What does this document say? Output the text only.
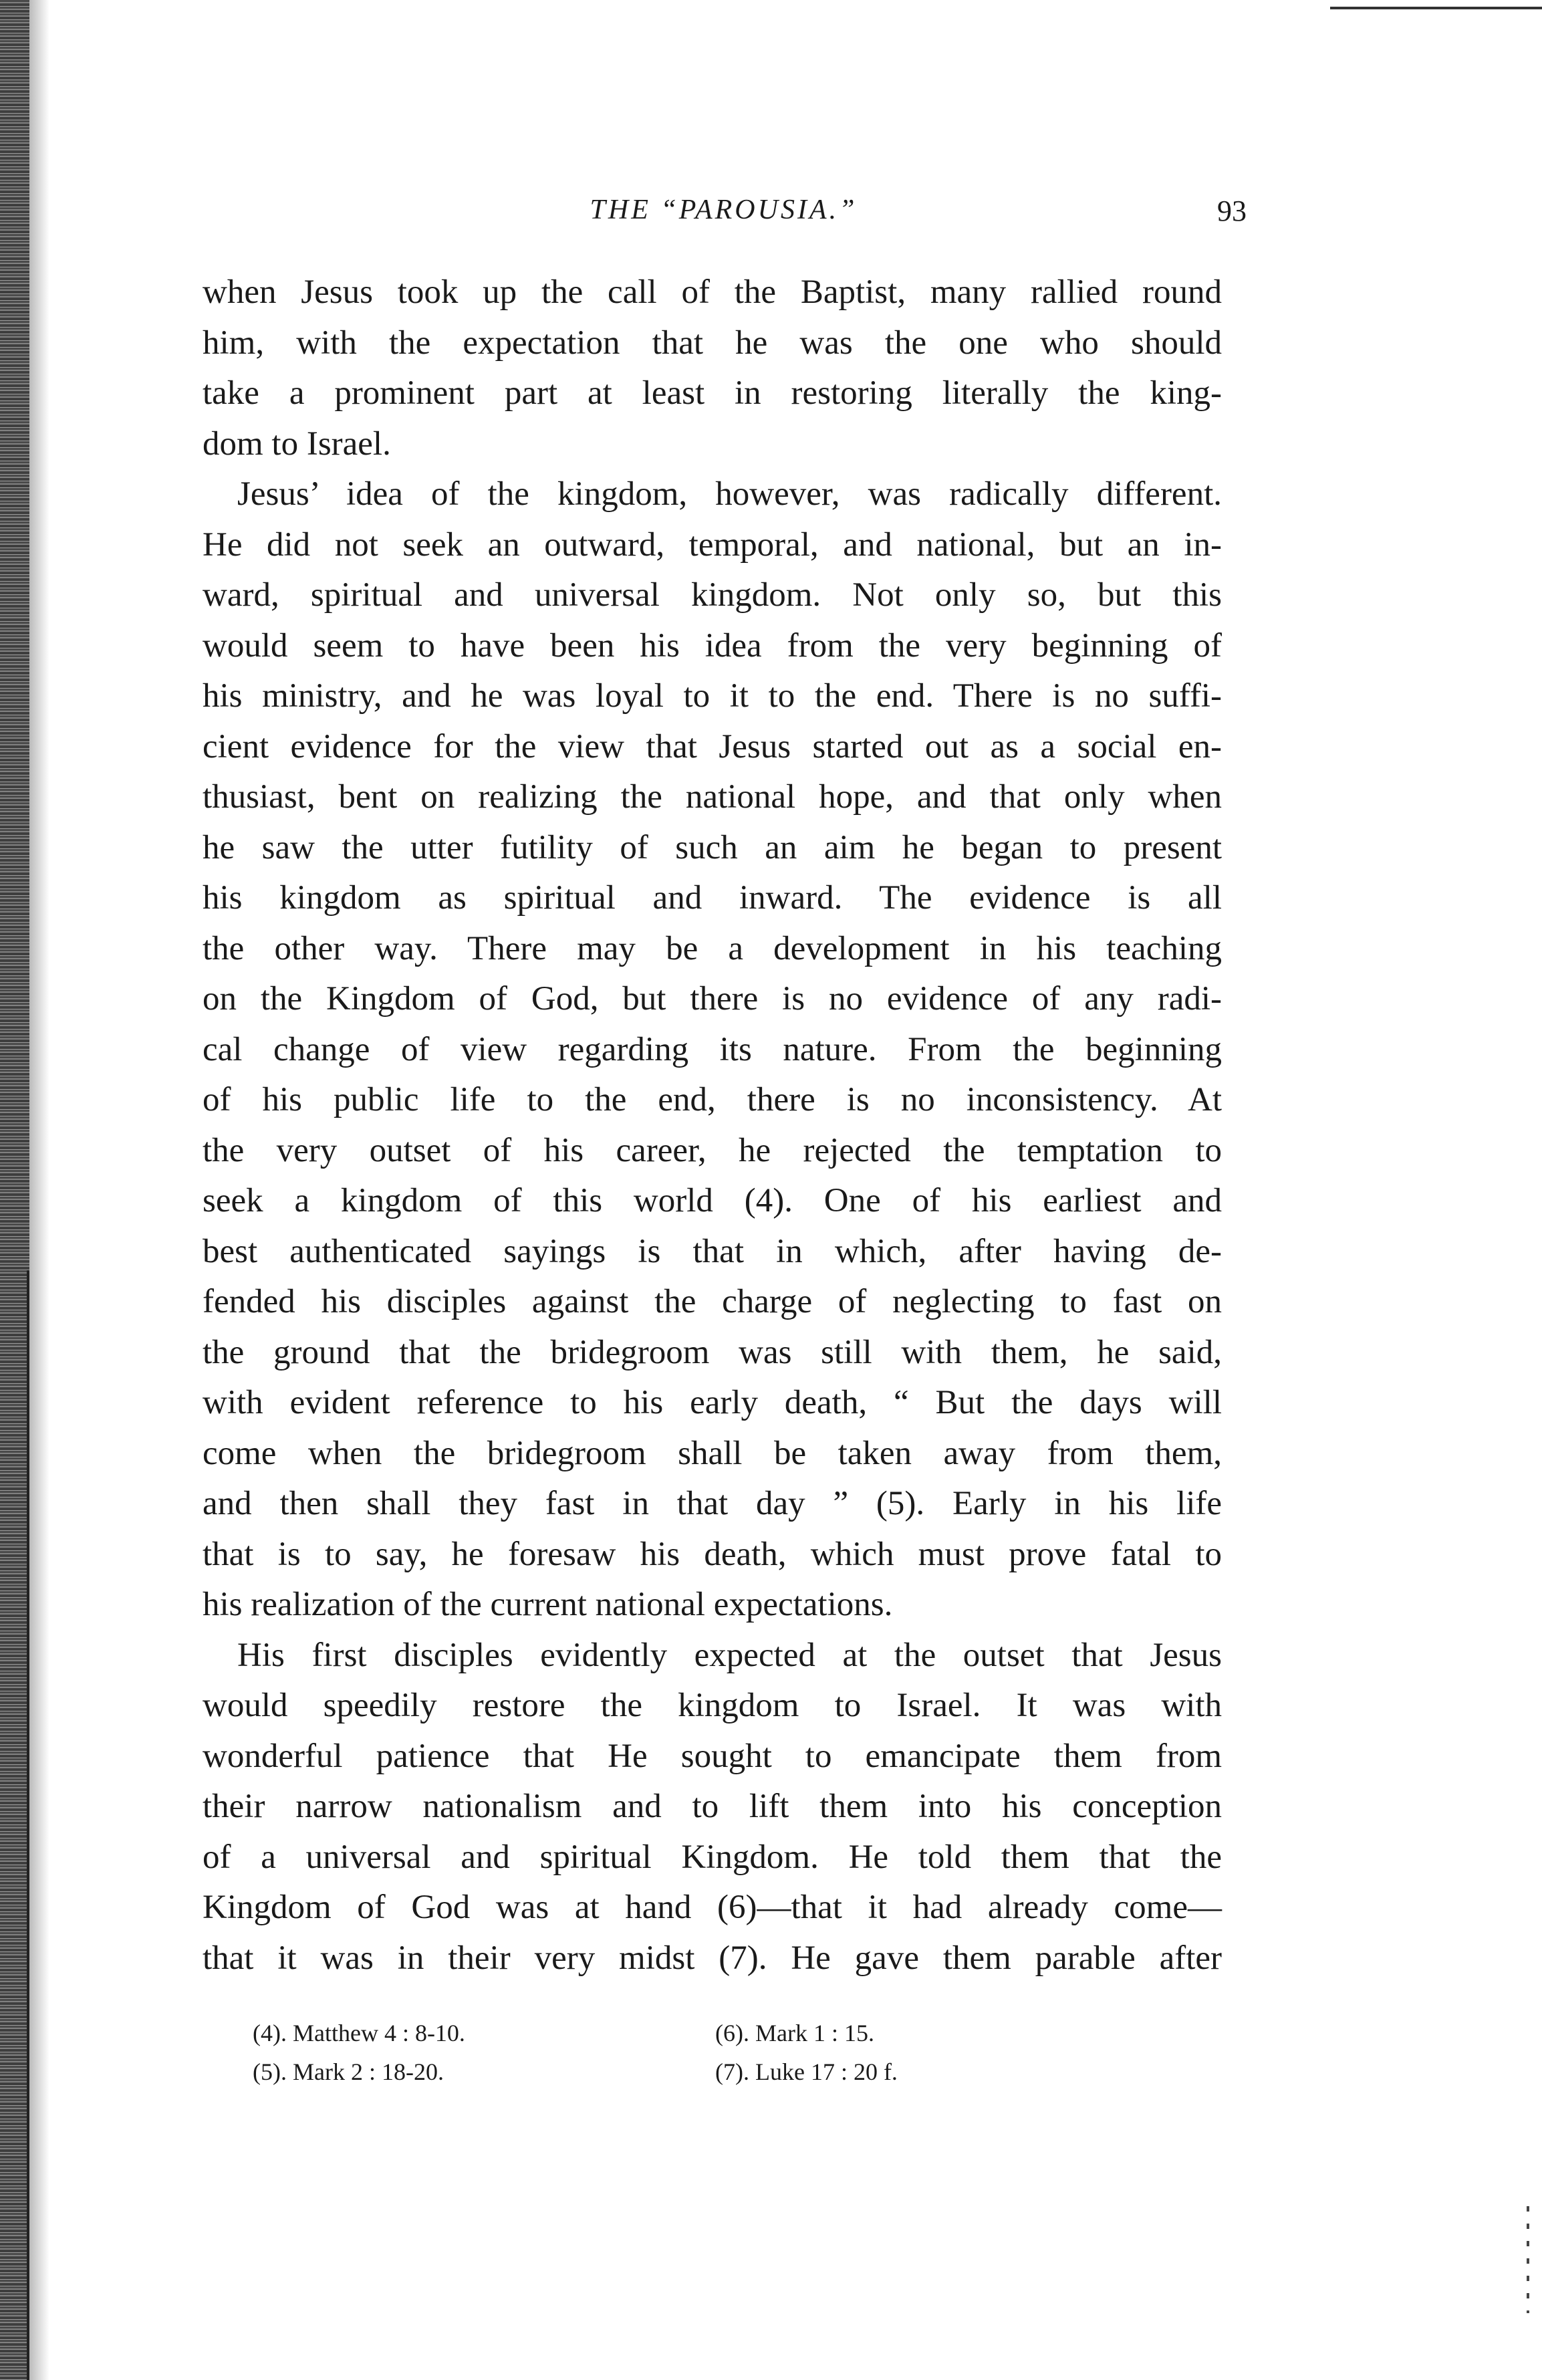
THE “PAROUSIA.”	93
when Jesus took up the call of the Baptist, many rallied round
him, with the expectation that he was the one who should
take a prominent part at least in restoring literally the king-
dom to Israel.
Jesus’ idea of the kingdom, however, was radically different.
He did not seek an outward, temporal, and national, but an in-
ward, spiritual and universal kingdom. Not only so, but this
would seem to have been his idea from the very beginning of
his ministry, and he was loyal to it to the end. There is no suffi-
cient evidence for the view that Jesus started out as a social en-
thusiast, bent on realizing the national hope, and that only when
he saw the utter futility of such an aim he began to present
his kingdom as spiritual and inward. The evidence is all
the other way. There may be a development in his teaching
on the Kingdom of God, but there is no evidence of any radi-
cal change of view regarding its nature. From the beginning
of his public life to the end, there is no inconsistency. At
the very outset of his career, he rejected the temptation to
seek a kingdom of this world (4). One of his earliest and
best authenticated sayings is that in which, after having de-
fended his disciples against the charge of neglecting to fast on
the ground that the bridegroom was still with them, he said,
with evident reference to his early death, “ But the days will
come when the bridegroom shall be taken away from them,
and then shall they fast in that day ” (5). Early in his life
that is to say, he foresaw his death, which must prove fatal to
his realization of the current national expectations.
His first disciples evidently expected at the outset that Jesus
would speedily restore the kingdom to Israel. It was with
wonderful patience that He sought to emancipate them from
their narrow nationalism and to lift them into his conception
of a universal and spiritual Kingdom. He told them that the
Kingdom of God was at hand (6)—that it had already come—
that it was in their very midst (7). He gave them parable after
(4). Matthew 4 : 8-10.	(6). Mark 1 : 15.
(5). Mark 2 : 18-20.	(7). Luke 17 : 20 f.
